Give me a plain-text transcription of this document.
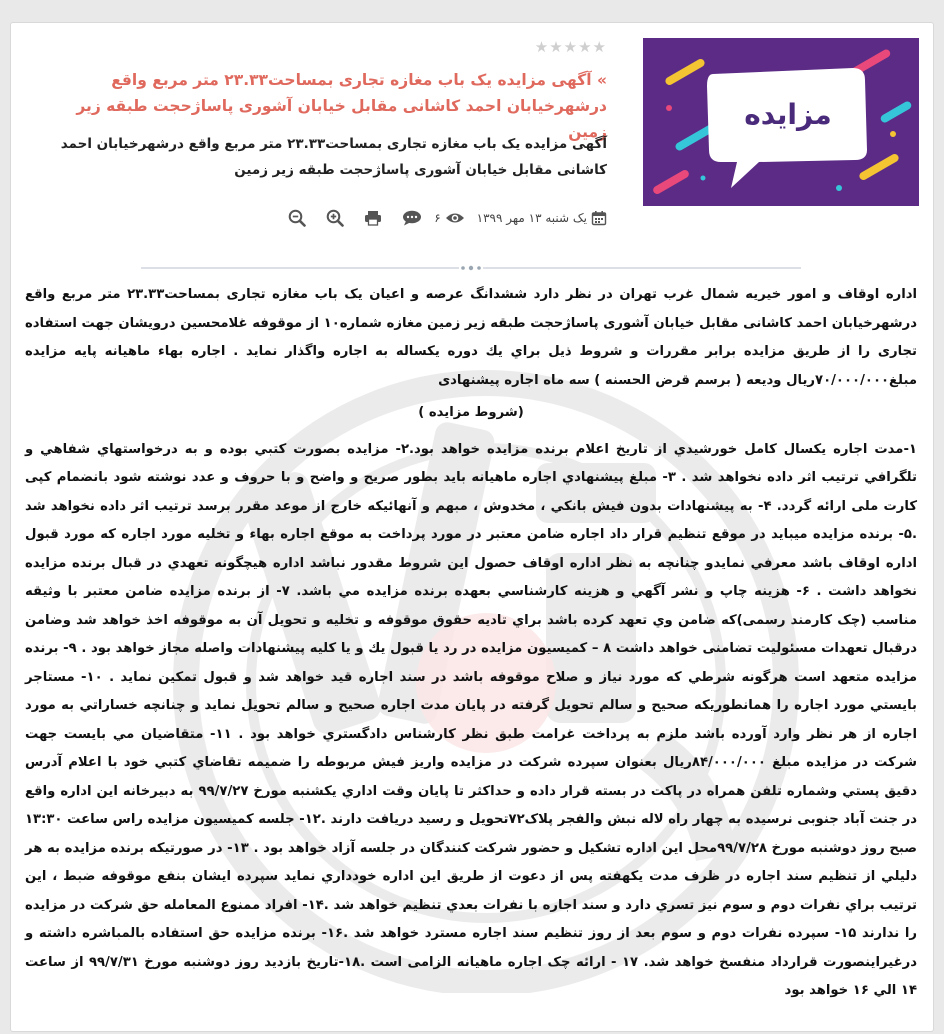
مزایده
★★★★★
» آگهی مزایده یک باب مغازه تجاری بمساحت۲۳.۳۳ متر مربع واقع درشهرخیابان احمد کاشانی مقابل خیابان آشوری پاساژحجت طبقه زیر زمین
آگهی مزایده یک باب مغازه تجاری بمساحت۲۳.۳۳ متر مربع واقع درشهرخیابان احمد کاشانی مقابل خیابان آشوری پاساژحجت طبقه زیر زمین
یک شنبه ۱۳ مهر ۱۳۹۹
۶

اداره اوقاف و امور خيريه شمال غرب تهران در نظر دارد ششدانگ عرصه و اعيان یک باب مغازه تجاری بمساحت۲۳.۳۳ متر مربع واقع درشهرخیابان احمد کاشانی مقابل خیابان آشوری پاساژحجت طبقه زیر زمین مغازه شماره۱۰ از موقوفه غلامحسین درویشان جهت استفاده تجاری را از طريق مزايده برابر مقررات و شروط ذيل براي يك دوره يكساله به اجاره واگذار نمايد . اجاره بهاء ماهیانه پایه مزایده مبلغ۷۰/۰۰۰/۰۰۰ریال وديعه ( برسم قرض الحسنه ) سه ماه اجاره پیشنهادی

(شروط مزايده )

۱-مدت اجاره يكسال كامل خورشيدي از تاريخ اعلام برنده مزايده خواهد بود.۲- مزايده بصورت كتبي بوده و به درخواستهاي شفاهي و تلگرافي ترتيب اثر داده نخواهد شد . ۳- مبلغ پيشنهادي اجاره ماهيانه بايد بطور صريح و واضح و با حروف و عدد نوشته شود بانضمام کپی کارت ملی ارائه گردد. ۴- به پيشنهادات بدون فيش بانكي ، مخدوش ، مبهم و آنهائيكه خارج از موعد مقرر برسد ترتيب اثر داده نخواهد شد .۵- برنده مزايده ميبايد در موقع تنظيم قرار داد اجاره ضامن معتبر در مورد پرداخت به موقع اجاره بهاء و تخليه مورد اجاره كه مورد قبول اداره اوقاف باشد معرفي نمايدو چنانچه به نظر اداره اوقاف حصول اين شروط مقدور نباشد اداره هيچگونه تعهدي در قبال برنده مزايده نخواهد داشت . ۶- هزينه چاپ و نشر آگهي و هزينه كارشناسي بعهده برنده مزايده مي باشد. ۷- از برنده مزايده ضامن معتبر با وثيقه مناسب (چک کارمند رسمی)كه ضامن وي تعهد كرده باشد براي تاديه حقوق موقوفه و تخليه و تحويل آن به موقوفه اخذ خواهد شد وضامن درقبال تعهدات مسئولیت تضامنی خواهد داشت ۸ – كميسيون مزايده در رد يا قبول يك و يا كليه پيشنهادات واصله مجاز خواهد بود . ۹- برنده مزايده متعهد است هرگونه شرطي كه مورد نياز و صلاح موقوفه باشد در سند اجاره قيد خواهد شد و قبول تمكين نمايد . ۱۰- مستاجر بايستي مورد اجاره را همانطوريكه صحيح و سالم تحويل گرفته در پايان مدت اجاره صحيح و سالم تحويل نمايد و چنانچه خساراتي به مورد اجاره از هر نظر وارد آورده باشد ملزم به پرداخت غرامت طبق نظر كارشناس دادگستري خواهد بود . ۱۱- متقاضيان مي بايست جهت شركت در مزايده مبلغ ۸۴/۰۰۰/۰۰۰ریال بعنوان سپرده شركت در مزايده واريز فيش مربوطه را ضميمه تقاضاي كتبي خود با اعلام آدرس دقيق پستي وشماره تلفن همراه در پاكت در بسته قرار داده و حداكثر تا پايان وقت اداري یکشنبه مورخ ۹۹/۷/۲۷ به دبيرخانه اين اداره واقع در جنت آباد جنوبی نرسیده به چهار راه لاله نبش والفجر پلاک۷۲تحويل و رسيد دريافت دارند .۱۲- جلسه كميسيون مزايده راس ساعت ۱۳:۳۰ صبح روز دوشنبه مورخ ۹۹/۷/۲۸محل اين اداره تشكيل و حضور شركت كنندگان در جلسه آزاد خواهد بود . ۱۳- در صورتيكه برنده مزايده به هر دليلي از تنظيم سند اجاره در ظرف مدت يكهفته پس از دعوت از طريق اين اداره خودداري نمايد سپرده ايشان بنفع موقوفه ضبط ، اين ترتيب براي نفرات دوم و سوم نيز تسري دارد و سند اجاره با نفرات بعدي تنظيم خواهد شد .۱۴- افراد ممنوع المعامله حق شركت در مزايده را ندارند ۱۵- سپرده نفرات دوم و سوم بعد از روز تنظيم سند اجاره مسترد خواهد شد .۱۶- برنده مزایده حق استفاده بالمباشره داشته و درغیراینصورت قرارداد منفسخ خواهد شد. ۱۷ - ارائه چک اجاره ماهیانه الزامی است .۱۸-تاریخ بازدید روز دوشنبه مورخ ۹۹/۷/۳۱ از ساعت ۱۴ الي ۱۶ خواهد بود
